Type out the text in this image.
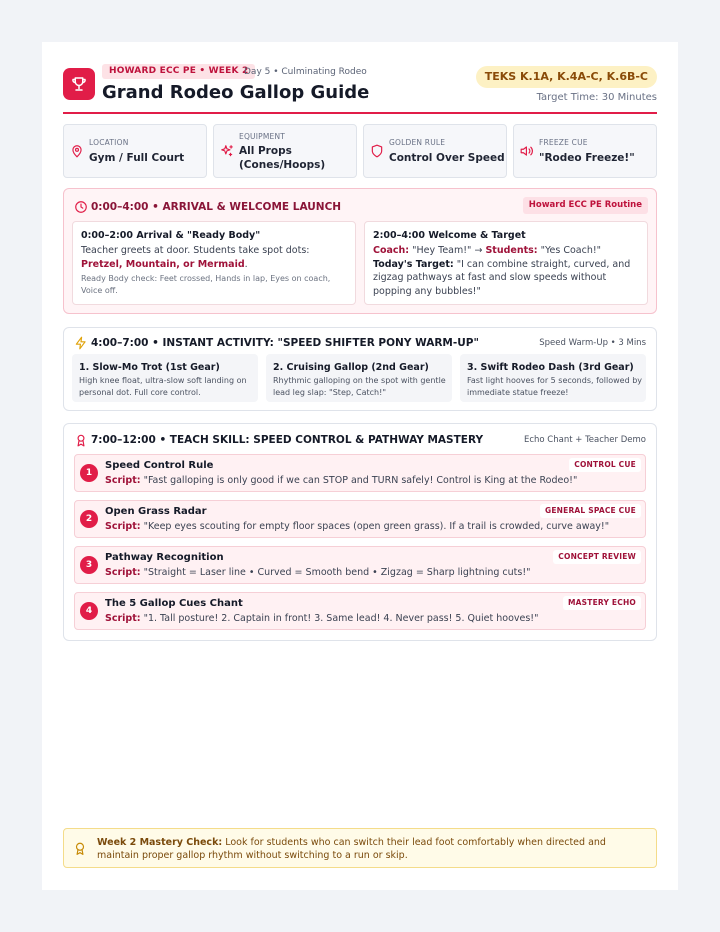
HOWARD ECC PE • WEEK 2
Day 5 • Culminating Rodeo
Grand Rodeo Gallop Guide
TEKS K.1A, K.4A-C, K.6B-C
Target Time: 30 Minutes
LOCATION
Gym / Full Court
EQUIPMENT
All Props (Cones/Hoops)
GOLDEN RULE
Control Over Speed
FREEZE CUE
"Rodeo Freeze!"
0:00–4:00 • ARRIVAL & WELCOME LAUNCH	Howard ECC PE Routine
0:00–2:00 Arrival & "Ready Body"
Teacher greets at door. Students take spot dots: Pretzel, Mountain, or Mermaid.
Ready Body check: Feet crossed, Hands in lap, Eyes on coach, Voice off.
2:00–4:00 Welcome & Target
Coach: "Hey Team!" → Students: "Yes Coach!"
Today's Target: "I can combine straight, curved, and zigzag pathways at fast and slow speeds without popping any bubbles!"
4:00–7:00 • INSTANT ACTIVITY: "SPEED SHIFTER PONY WARM-UP"	Speed Warm-Up • 3 Mins
1. Slow-Mo Trot (1st Gear)
High knee float, ultra-slow soft landing on personal dot. Full core control.
2. Cruising Gallop (2nd Gear)
Rhythmic galloping on the spot with gentle lead leg slap: "Step, Catch!"
3. Swift Rodeo Dash (3rd Gear)
Fast light hooves for 5 seconds, followed by immediate statue freeze!
7:00–12:00 • TEACH SKILL: SPEED CONTROL & PATHWAY MASTERY	Echo Chant + Teacher Demo
1
Speed Control Rule
Script: "Fast galloping is only good if we can STOP and TURN safely! Control is King at the Rodeo!"
CONTROL CUE
2
Open Grass Radar
Script: "Keep eyes scouting for empty floor spaces (open green grass). If a trail is crowded, curve away!"
GENERAL SPACE CUE
3
Pathway Recognition
Script: "Straight = Laser line • Curved = Smooth bend • Zigzag = Sharp lightning cuts!"
CONCEPT REVIEW
4
The 5 Gallop Cues Chant
Script: "1. Tall posture! 2. Captain in front! 3. Same lead! 4. Never pass! 5. Quiet hooves!"
MASTERY ECHO
Week 2 Mastery Check: Look for students who can switch their lead foot comfortably when directed and maintain proper gallop rhythm without switching to a run or skip.
